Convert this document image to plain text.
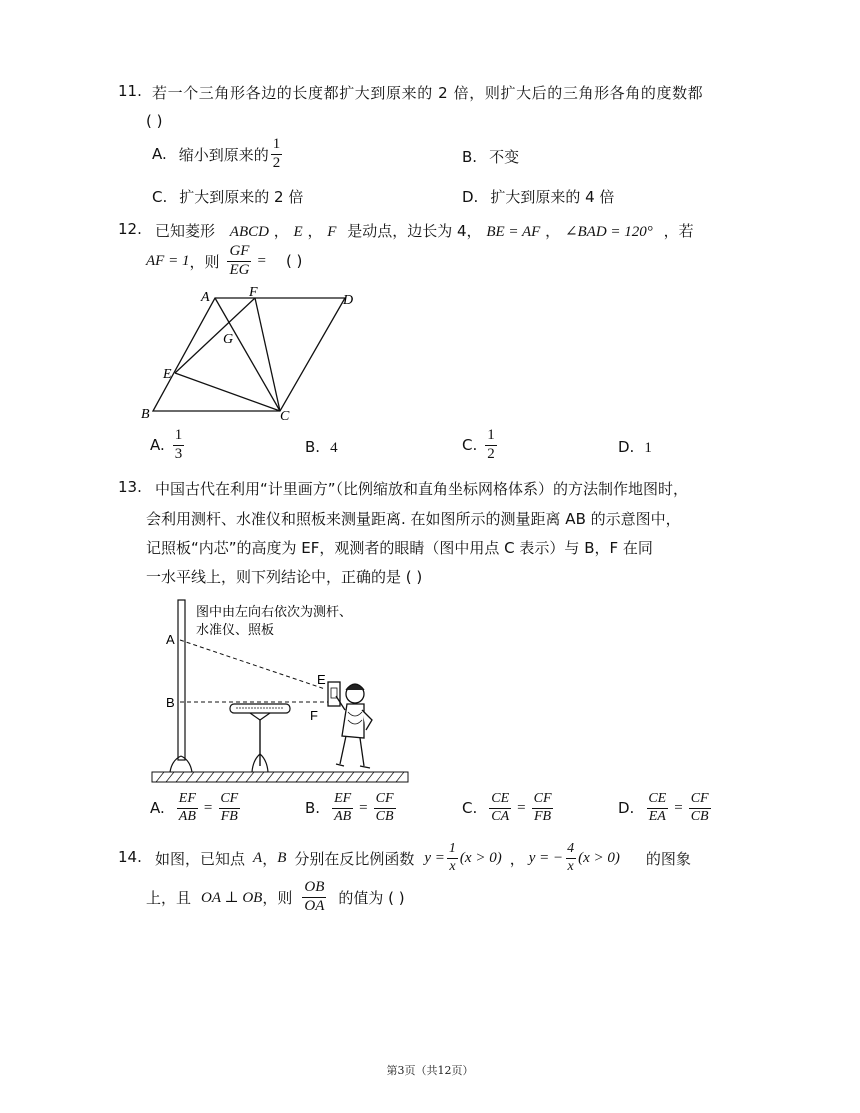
11. 若一个三角形各边的长度都扩大到原来的 2 倍，则扩大后的三角形各角的度数都
( )
A. 缩小到原来的 $\frac{1}{2}$	B. 不变
C. 扩大到原来的 2 倍	D. 扩大到原来的 4 倍
12. 已知菱形 ABCD ， E ， F 是动点，边长为 4， BE = AF ， ∠BAD = 120° ，若
AF = 1 ，则 $\frac{GF}{EG}$ = ( )
A	F
D
G
E
B	C
A. $\frac{1}{3}$	B. 4	C. $\frac{1}{2}$	D. 1
13. 中国古代在利用“计里画方”（比例缩放和直角坐标网格体系）的方法制作地图时，
会利用测杆、水准仪和照板来测量距离. 在如图所示的测量距离 AB 的示意图中，
记照板“内芯”的高度为 EF，观测者的眼睛（图中用点 C 表示）与 B，F 在同
一水平线上，则下列结论中，正确的是 ( )
A
B
E
F
图中由左向右依次为测杆、
水准仪、照板
A. $\frac{EF}{AB} = \frac{CF}{FB}$	B. $\frac{EF}{AB} = \frac{CF}{CB}$	C. $\frac{CE}{CA} = \frac{CF}{FB}$	D. $\frac{CE}{EA} = \frac{CF}{CB}$
14. 如图，已知点 A ， B 分别在反比例函数 $y = \frac{1}{x} (x > 0)$ ， y = − $\frac{4}{x} (x > 0)$ 的图象
上，且 OA ⊥ OB ，则 $\frac{OB}{OA}$ 的值为 ( )
第3页（共12页）
